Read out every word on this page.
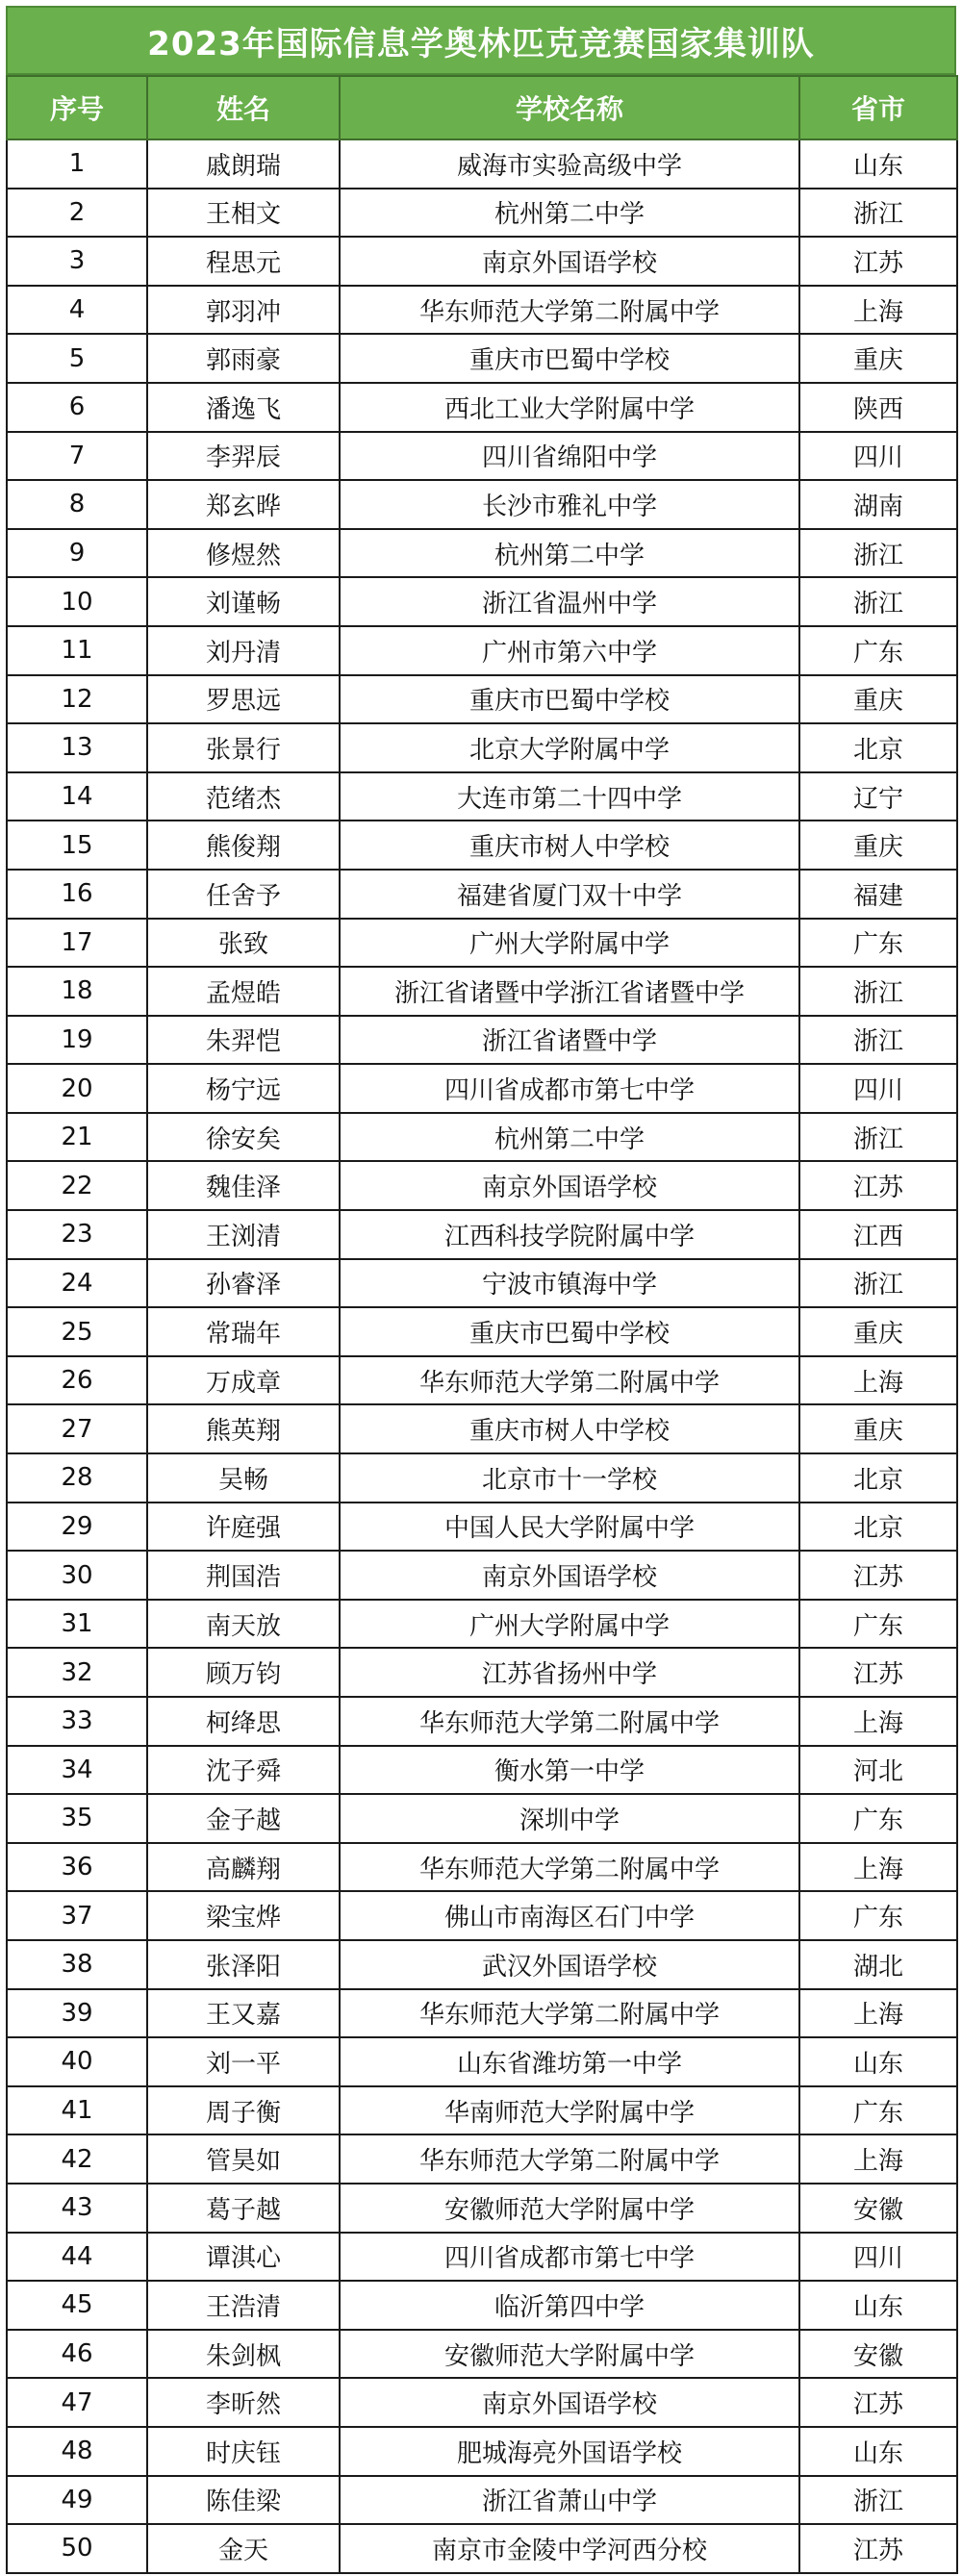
2023年国际信息学奥林匹克竞赛国家集训队
序号	姓名	学校名称	省市
1	戚朗瑞	威海市实验高级中学	山东
2	王相文	杭州第二中学	浙江
3	程思元	南京外国语学校	江苏
4	郭羽冲	华东师范大学第二附属中学	上海
5	郭雨豪	重庆市巴蜀中学校	重庆
6	潘逸飞	西北工业大学附属中学	陕西
7	李羿辰	四川省绵阳中学	四川
8	郑玄晔	长沙市雅礼中学	湖南
9	修煜然	杭州第二中学	浙江
10	刘谨畅	浙江省温州中学	浙江
11	刘丹清	广州市第六中学	广东
12	罗思远	重庆市巴蜀中学校	重庆
13	张景行	北京大学附属中学	北京
14	范绪杰	大连市第二十四中学	辽宁
15	熊俊翔	重庆市树人中学校	重庆
16	任舍予	福建省厦门双十中学	福建
17	张致	广州大学附属中学	广东
18	孟煜皓	浙江省诸暨中学浙江省诸暨中学	浙江
19	朱羿恺	浙江省诸暨中学	浙江
20	杨宁远	四川省成都市第七中学	四川
21	徐安矣	杭州第二中学	浙江
22	魏佳泽	南京外国语学校	江苏
23	王浏清	江西科技学院附属中学	江西
24	孙睿泽	宁波市镇海中学	浙江
25	常瑞年	重庆市巴蜀中学校	重庆
26	万成章	华东师范大学第二附属中学	上海
27	熊英翔	重庆市树人中学校	重庆
28	吴畅	北京市十一学校	北京
29	许庭强	中国人民大学附属中学	北京
30	荆国浩	南京外国语学校	江苏
31	南天放	广州大学附属中学	广东
32	顾万钧	江苏省扬州中学	江苏
33	柯绛思	华东师范大学第二附属中学	上海
34	沈子舜	衡水第一中学	河北
35	金子越	深圳中学	广东
36	高麟翔	华东师范大学第二附属中学	上海
37	梁宝烨	佛山市南海区石门中学	广东
38	张泽阳	武汉外国语学校	湖北
39	王又嘉	华东师范大学第二附属中学	上海
40	刘一平	山东省潍坊第一中学	山东
41	周子衡	华南师范大学附属中学	广东
42	管昊如	华东师范大学第二附属中学	上海
43	葛子越	安徽师范大学附属中学	安徽
44	谭淇心	四川省成都市第七中学	四川
45	王浩清	临沂第四中学	山东
46	朱剑枫	安徽师范大学附属中学	安徽
47	李昕然	南京外国语学校	江苏
48	时庆钰	肥城海亮外国语学校	山东
49	陈佳梁	浙江省萧山中学	浙江
50	金天	南京市金陵中学河西分校	江苏
